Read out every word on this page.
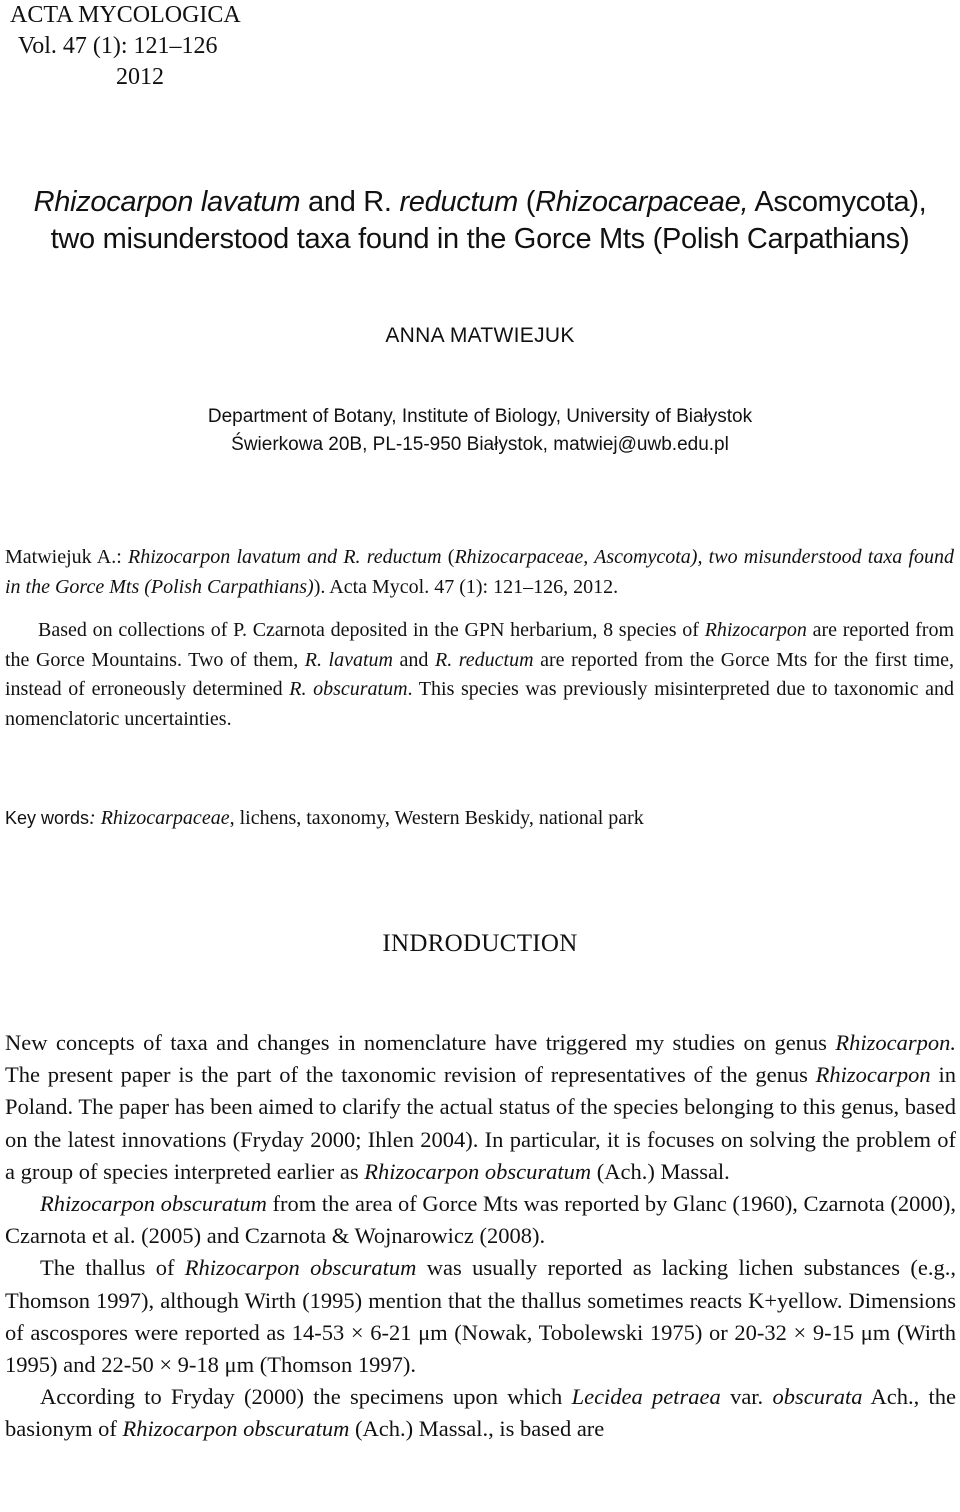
ACTA MYCOLOGICA
Vol. 47 (1): 121–126
2012
Rhizocarpon lavatum and R. reductum (Rhizocarpaceae, Ascomycota),
two misunderstood taxa found in the Gorce Mts (Polish Carpathians)
ANNA MATWIEJUK
Department of Botany, Institute of Biology, University of Białystok
Świerkowa 20B, PL-15-950 Białystok, matwiej@uwb.edu.pl

Matwiejuk A.: Rhizocarpon lavatum and R. reductum (Rhizocarpaceae, Ascomycota), two misunderstood taxa found in the Gorce Mts (Polish Carpathians)). Acta Mycol. 47 (1): 121–126, 2012.

Based on collections of P. Czarnota deposited in the GPN herbarium, 8 species of Rhizocarpon are reported from the Gorce Mountains. Two of them, R. lavatum and R. reductum are reported from the Gorce Mts for the first time, instead of erroneously determined R. obscuratum. This species was previously misinterpreted due to taxonomic and nomenclatoric uncertainties.

Key words: Rhizocarpaceae, lichens, taxonomy, Western Beskidy, national park
INDRODUCTION

New concepts of taxa and changes in nomenclature have triggered my studies on genus Rhizocarpon. The present paper is the part of the taxonomic revision of representatives of the genus Rhizocarpon in Poland. The paper has been aimed to clarify the actual status of the species belonging to this genus, based on the latest innovations (Fryday 2000; Ihlen 2004). In particular, it is focuses on solving the problem of a group of species interpreted earlier as Rhizocarpon obscuratum (Ach.) Massal.

Rhizocarpon obscuratum from the area of Gorce Mts was reported by Glanc (1960), Czarnota (2000), Czarnota et al. (2005) and Czarnota & Wojnarowicz (2008).

The thallus of Rhizocarpon obscuratum was usually reported as lacking lichen substances (e.g., Thomson 1997), although Wirth (1995) mention that the thallus sometimes reacts K+yellow. Dimensions of ascospores were reported as 14-53 × 6-21 μm (Nowak, Tobolewski 1975) or 20-32 × 9-15 μm (Wirth 1995) and 22-50 × 9-18 μm (Thomson 1997).

According to Fryday (2000) the specimens upon which Lecidea petraea var. obscurata Ach., the basionym of Rhizocarpon obscuratum (Ach.) Massal., is based are
